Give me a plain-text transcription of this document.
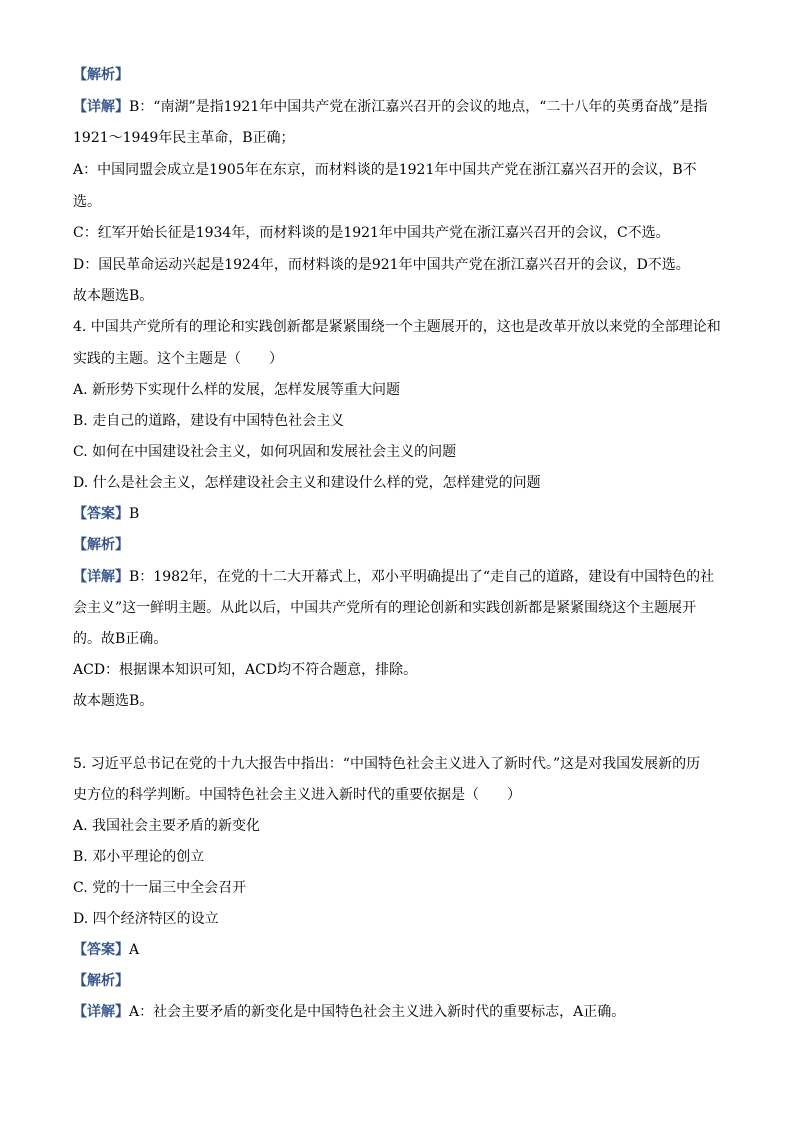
【解析】
【详解】B：“南湖”是指1921年中国共产党在浙江嘉兴召开的会议的地点，“二十八年的英勇奋战”是指
1921～1949年民主革命，B正确；
A：中国同盟会成立是1905年在东京，而材料谈的是1921年中国共产党在浙江嘉兴召开的会议，B不
选。
C：红军开始长征是1934年，而材料谈的是1921年中国共产党在浙江嘉兴召开的会议，C不选。
D：国民革命运动兴起是1924年，而材料谈的是921年中国共产党在浙江嘉兴召开的会议，D不选。
故本题选B。
4. 中国共产党所有的理论和实践创新都是紧紧围绕一个主题展开的，这也是改革开放以来党的全部理论和
实践的主题。这个主题是（　　）
A. 新形势下实现什么样的发展，怎样发展等重大问题
B. 走自己的道路，建设有中国特色社会主义
C. 如何在中国建设社会主义，如何巩固和发展社会主义的问题
D. 什么是社会主义，怎样建设社会主义和建设什么样的党，怎样建党的问题
【答案】B
【解析】
【详解】B：1982年，在党的十二大开幕式上，邓小平明确提出了“走自己的道路，建设有中国特色的社
会主义”这一鲜明主题。从此以后，中国共产党所有的理论创新和实践创新都是紧紧围绕这个主题展开
的。故B正确。
ACD：根据课本知识可知，ACD均不符合题意，排除。
故本题选B。
5. 习近平总书记在党的十九大报告中指出：“中国特色社会主义进入了新时代。”这是对我国发展新的历
史方位的科学判断。中国特色社会主义进入新时代的重要依据是（　　）
A. 我国社会主要矛盾的新变化
B. 邓小平理论的创立
C. 党的十一届三中全会召开
D. 四个经济特区的设立
【答案】A
【解析】
【详解】A：社会主要矛盾的新变化是中国特色社会主义进入新时代的重要标志，A正确。
